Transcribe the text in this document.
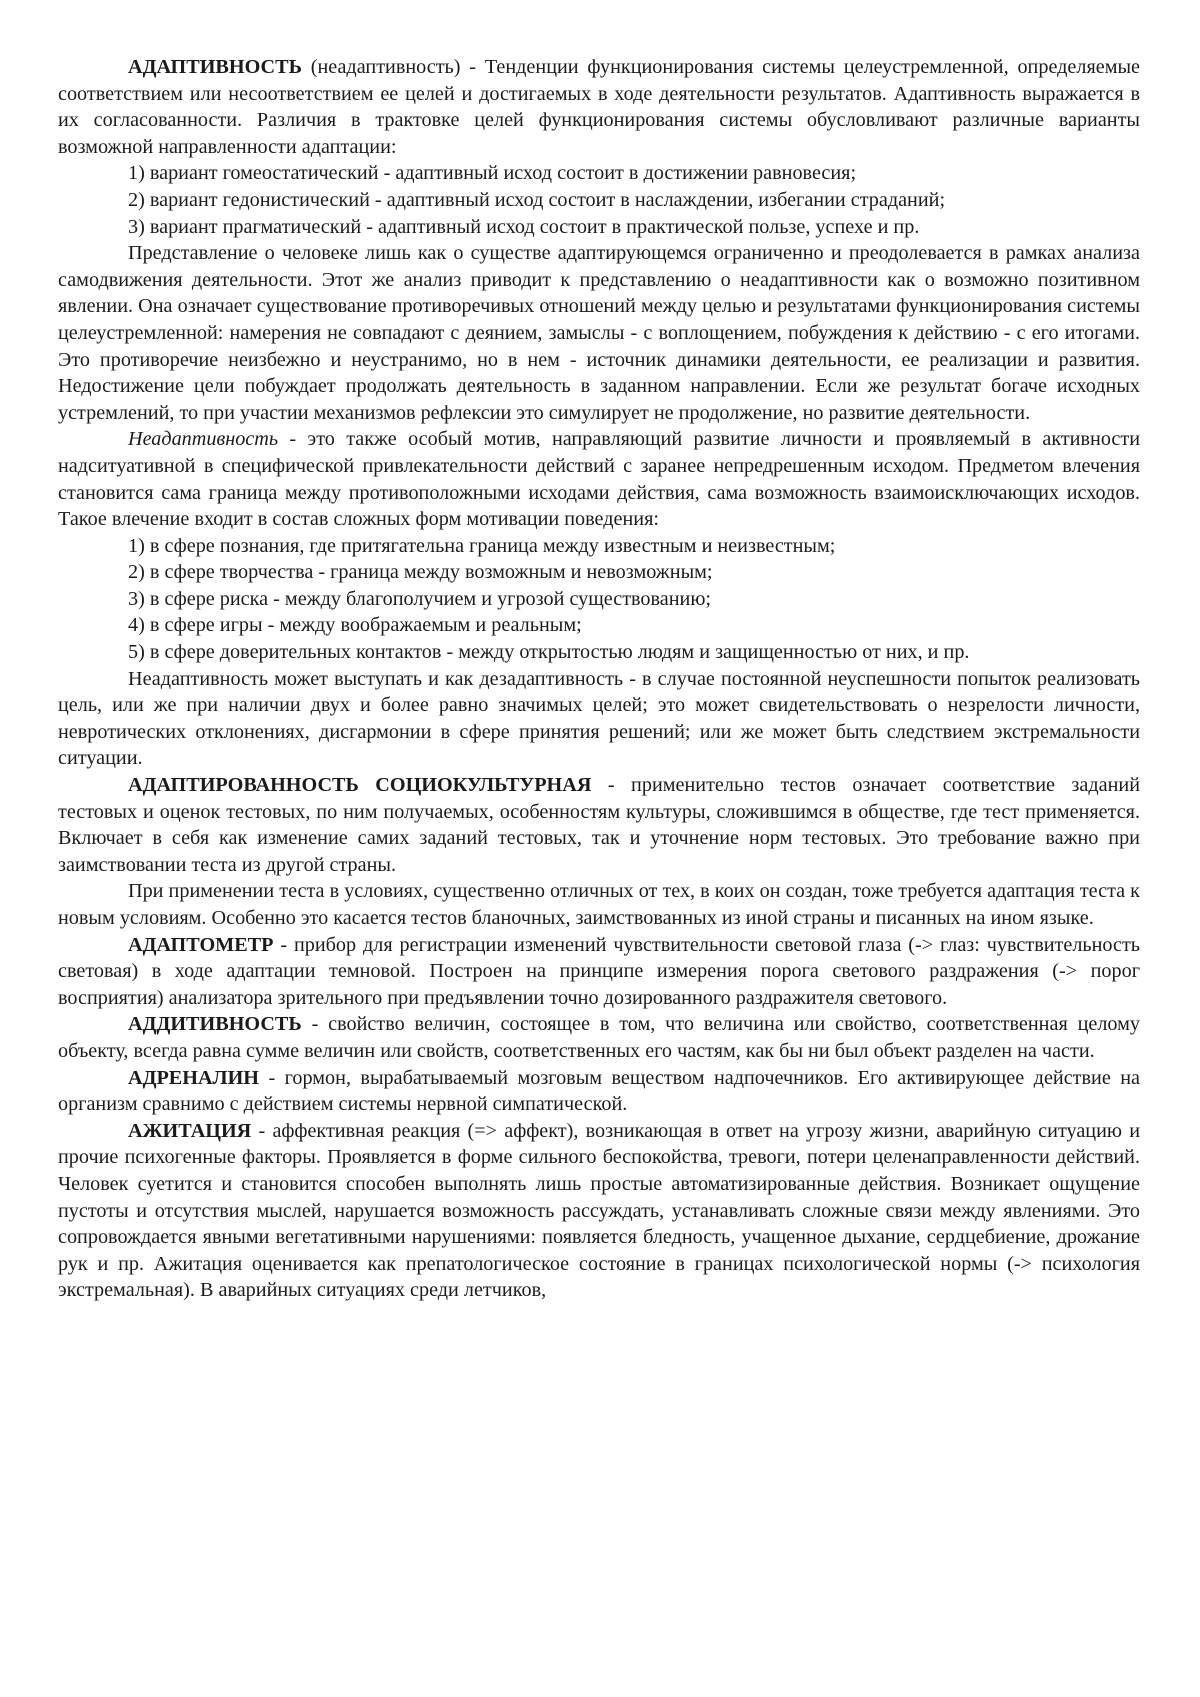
АДАПТИВНОСТЬ (неадаптивность) - Тенденции функционирования системы целеустремленной, определяемые соответствием или несоответствием ее целей и достигаемых в ходе деятельности результатов. Адаптивность выражается в их согласованности. Различия в трактовке целей функционирования системы обусловливают различные варианты возможной направленности адаптации:

1) вариант гомеостатический - адаптивный исход состоит в достижении равновесия;

2) вариант гедонистический - адаптивный исход состоит в наслаждении, избегании страданий;

3) вариант прагматический - адаптивный исход состоит в практической пользе, успехе и пр.

Представление о человеке лишь как о существе адаптирующемся ограниченно и преодолевается в рамках анализа самодвижения деятельности. Этот же анализ приводит к представлению о неадаптивности как о возможно позитивном явлении. Она означает существование противоречивых отношений между целью и результатами функционирования системы целеустремленной: намерения не совпадают с деянием, замыслы - с воплощением, побуждения к действию - с его итогами. Это противоречие неизбежно и неустранимо, но в нем - источник динамики деятельности, ее реализации и развития. Недостижение цели побуждает продолжать деятельность в заданном направлении. Если же результат богаче исходных устремлений, то при участии механизмов рефлексии это симулирует не продолжение, но развитие деятельности.

Неадаптивность - это также особый мотив, направляющий развитие личности и проявляемый в активности надситуативной в специфической привлекательности действий с заранее непредрешенным исходом. Предметом влечения становится сама граница между противоположными исходами действия, сама возможность взаимоисключающих исходов. Такое влечение входит в состав сложных форм мотивации поведения:

1) в сфере познания, где притягательна граница между известным и неизвестным;

2) в сфере творчества - граница между возможным и невозможным;

3) в сфере риска - между благополучием и угрозой существованию;

4) в сфере игры - между воображаемым и реальным;

5) в сфере доверительных контактов - между открытостью людям и защищенностью от них, и пр.

Неадаптивность может выступать и как дезадаптивность - в случае постоянной неуспешности попыток реализовать цель, или же при наличии двух и более равно значимых целей; это может свидетельствовать о незрелости личности, невротических отклонениях, дисгармонии в сфере принятия решений; или же может быть следствием экстремальности ситуации.

АДАПТИРОВАННОСТЬ СОЦИОКУЛЬТУРНАЯ - применительно тестов означает соответствие заданий тестовых и оценок тестовых, по ним получаемых, особенностям культуры, сложившимся в обществе, где тест применяется. Включает в себя как изменение самих заданий тестовых, так и уточнение норм тестовых. Это требование важно при заимствовании теста из другой страны.

При применении теста в условиях, существенно отличных от тех, в коих он создан, тоже требуется адаптация теста к новым условиям. Особенно это касается тестов бланочных, заимствованных из иной страны и писанных на ином языке.

АДАПТОМЕТР - прибор для регистрации изменений чувствительности световой глаза (-> глаз: чувствительность световая) в ходе адаптации темновой. Построен на принципе измерения порога светового раздражения (-> порог восприятия) анализатора зрительного при предъявлении точно дозированного раздражителя светового.

АДДИТИВНОСТЬ - свойство величин, состоящее в том, что величина или свойство, соответственная целому объекту, всегда равна сумме величин или свойств, соответственных его частям, как бы ни был объект разделен на части.

АДРЕНАЛИН - гормон, вырабатываемый мозговым веществом надпочечников. Его активирующее действие на организм сравнимо с действием системы нервной симпатической.

АЖИТАЦИЯ - аффективная реакция (=> аффект), возникающая в ответ на угрозу жизни, аварийную ситуацию и прочие психогенные факторы. Проявляется в форме сильного беспокойства, тревоги, потери целенаправленности действий. Человек суетится и становится способен выполнять лишь простые автоматизированные действия. Возникает ощущение пустоты и отсутствия мыслей, нарушается возможность рассуждать, устанавливать сложные связи между явлениями. Это сопровождается явными вегетативными нарушениями: появляется бледность, учащенное дыхание, сердцебиение, дрожание рук и пр. Ажитация оценивается как препатологическое состояние в границах психологической нормы (-> психология экстремальная). В аварийных ситуациях среди летчиков,
